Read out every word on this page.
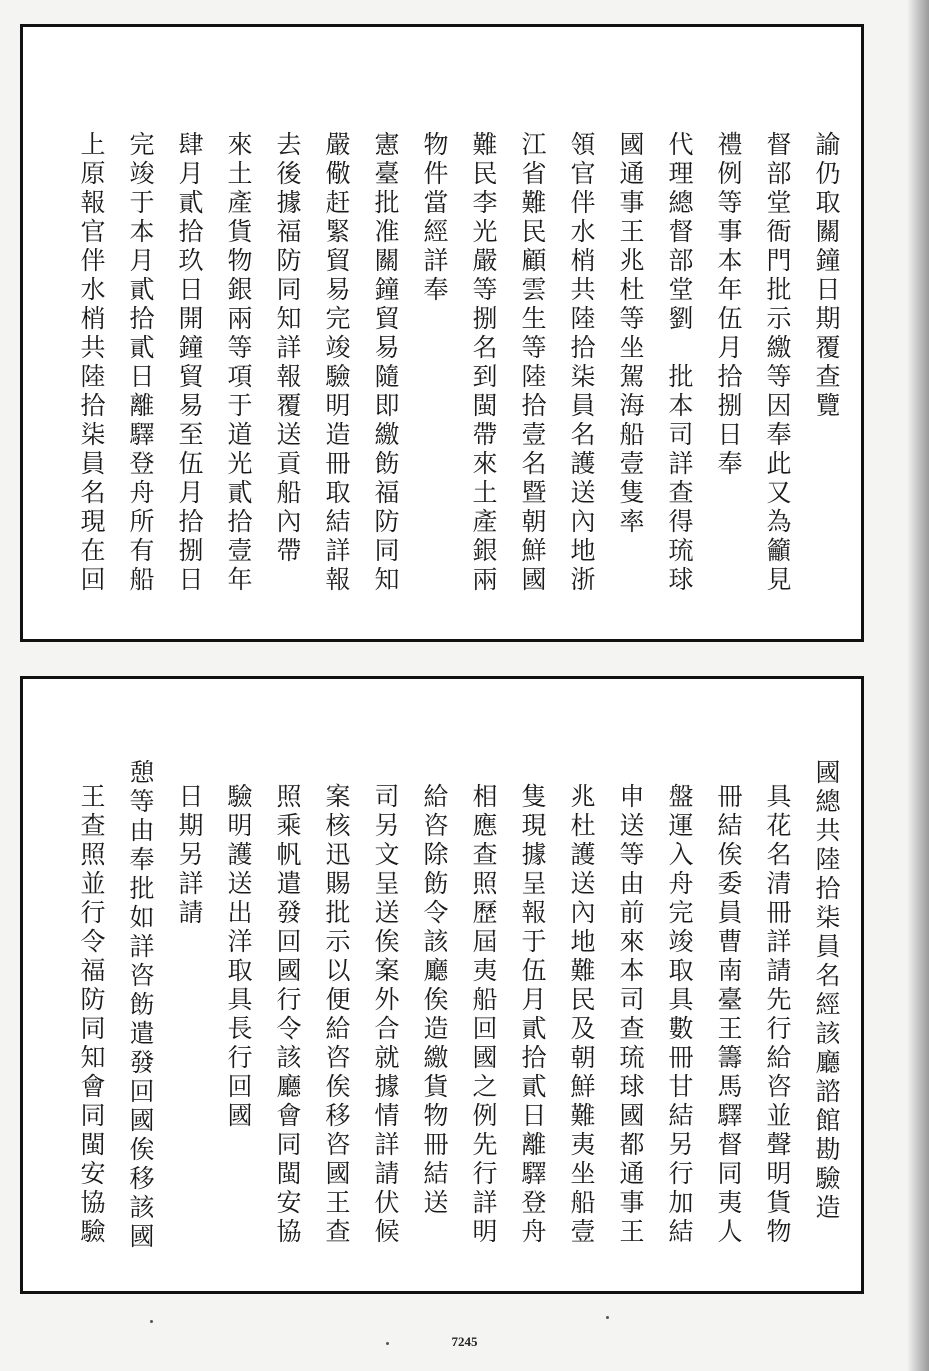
諭仍取關鐘日期覆查覽
督部堂衙門批示繳等因奉此又為籲見
禮例等事本年伍月拾捌日奉
代理總督部堂劉　批本司詳查得琉球
國通事王兆杜等坐駕海船壹隻率
領官伴水梢共陸拾柒員名護送內地浙
江省難民顧雲生等陸拾壹名暨朝鮮國
難民李光嚴等捌名到閩帶來土產銀兩
物件當經詳奉
憲臺批准關鐘貿易隨即繳飭福防同知
嚴儆赶緊貿易完竣驗明造冊取結詳報
去後據福防同知詳報覆送貢船內帶
來土產貨物銀兩等項于道光貳拾壹年
肆月貳拾玖日開鐘貿易至伍月拾捌日
完竣于本月貳拾貳日離驛登舟所有船
上原報官伴水梢共陸拾柒員名現在回
國總共陸拾柒員名經該廳諮館勘驗造
具花名清冊詳請先行給咨並聲明貨物
冊結俟委員曹南臺王籌馬驛督同夷人
盤運入舟完竣取具數冊甘結另行加結
申送等由前來本司查琉球國都通事王
兆杜護送內地難民及朝鮮難夷坐船壹
隻現據呈報于伍月貳拾貳日離驛登舟
相應查照歷屆夷船回國之例先行詳明
給咨除飭令該廳俟造繳貨物冊結送
司另文呈送俟案外合就據情詳請伏候
案核迅賜批示以便給咨俟移咨國王查
照乘帆遣發回國行令該廳會同閩安協
驗明護送出洋取具長行回國
日期另詳請
憩等由奉批如詳咨飭遣發回國俟移該國
王查照並行令福防同知會同閩安協驗
7245
